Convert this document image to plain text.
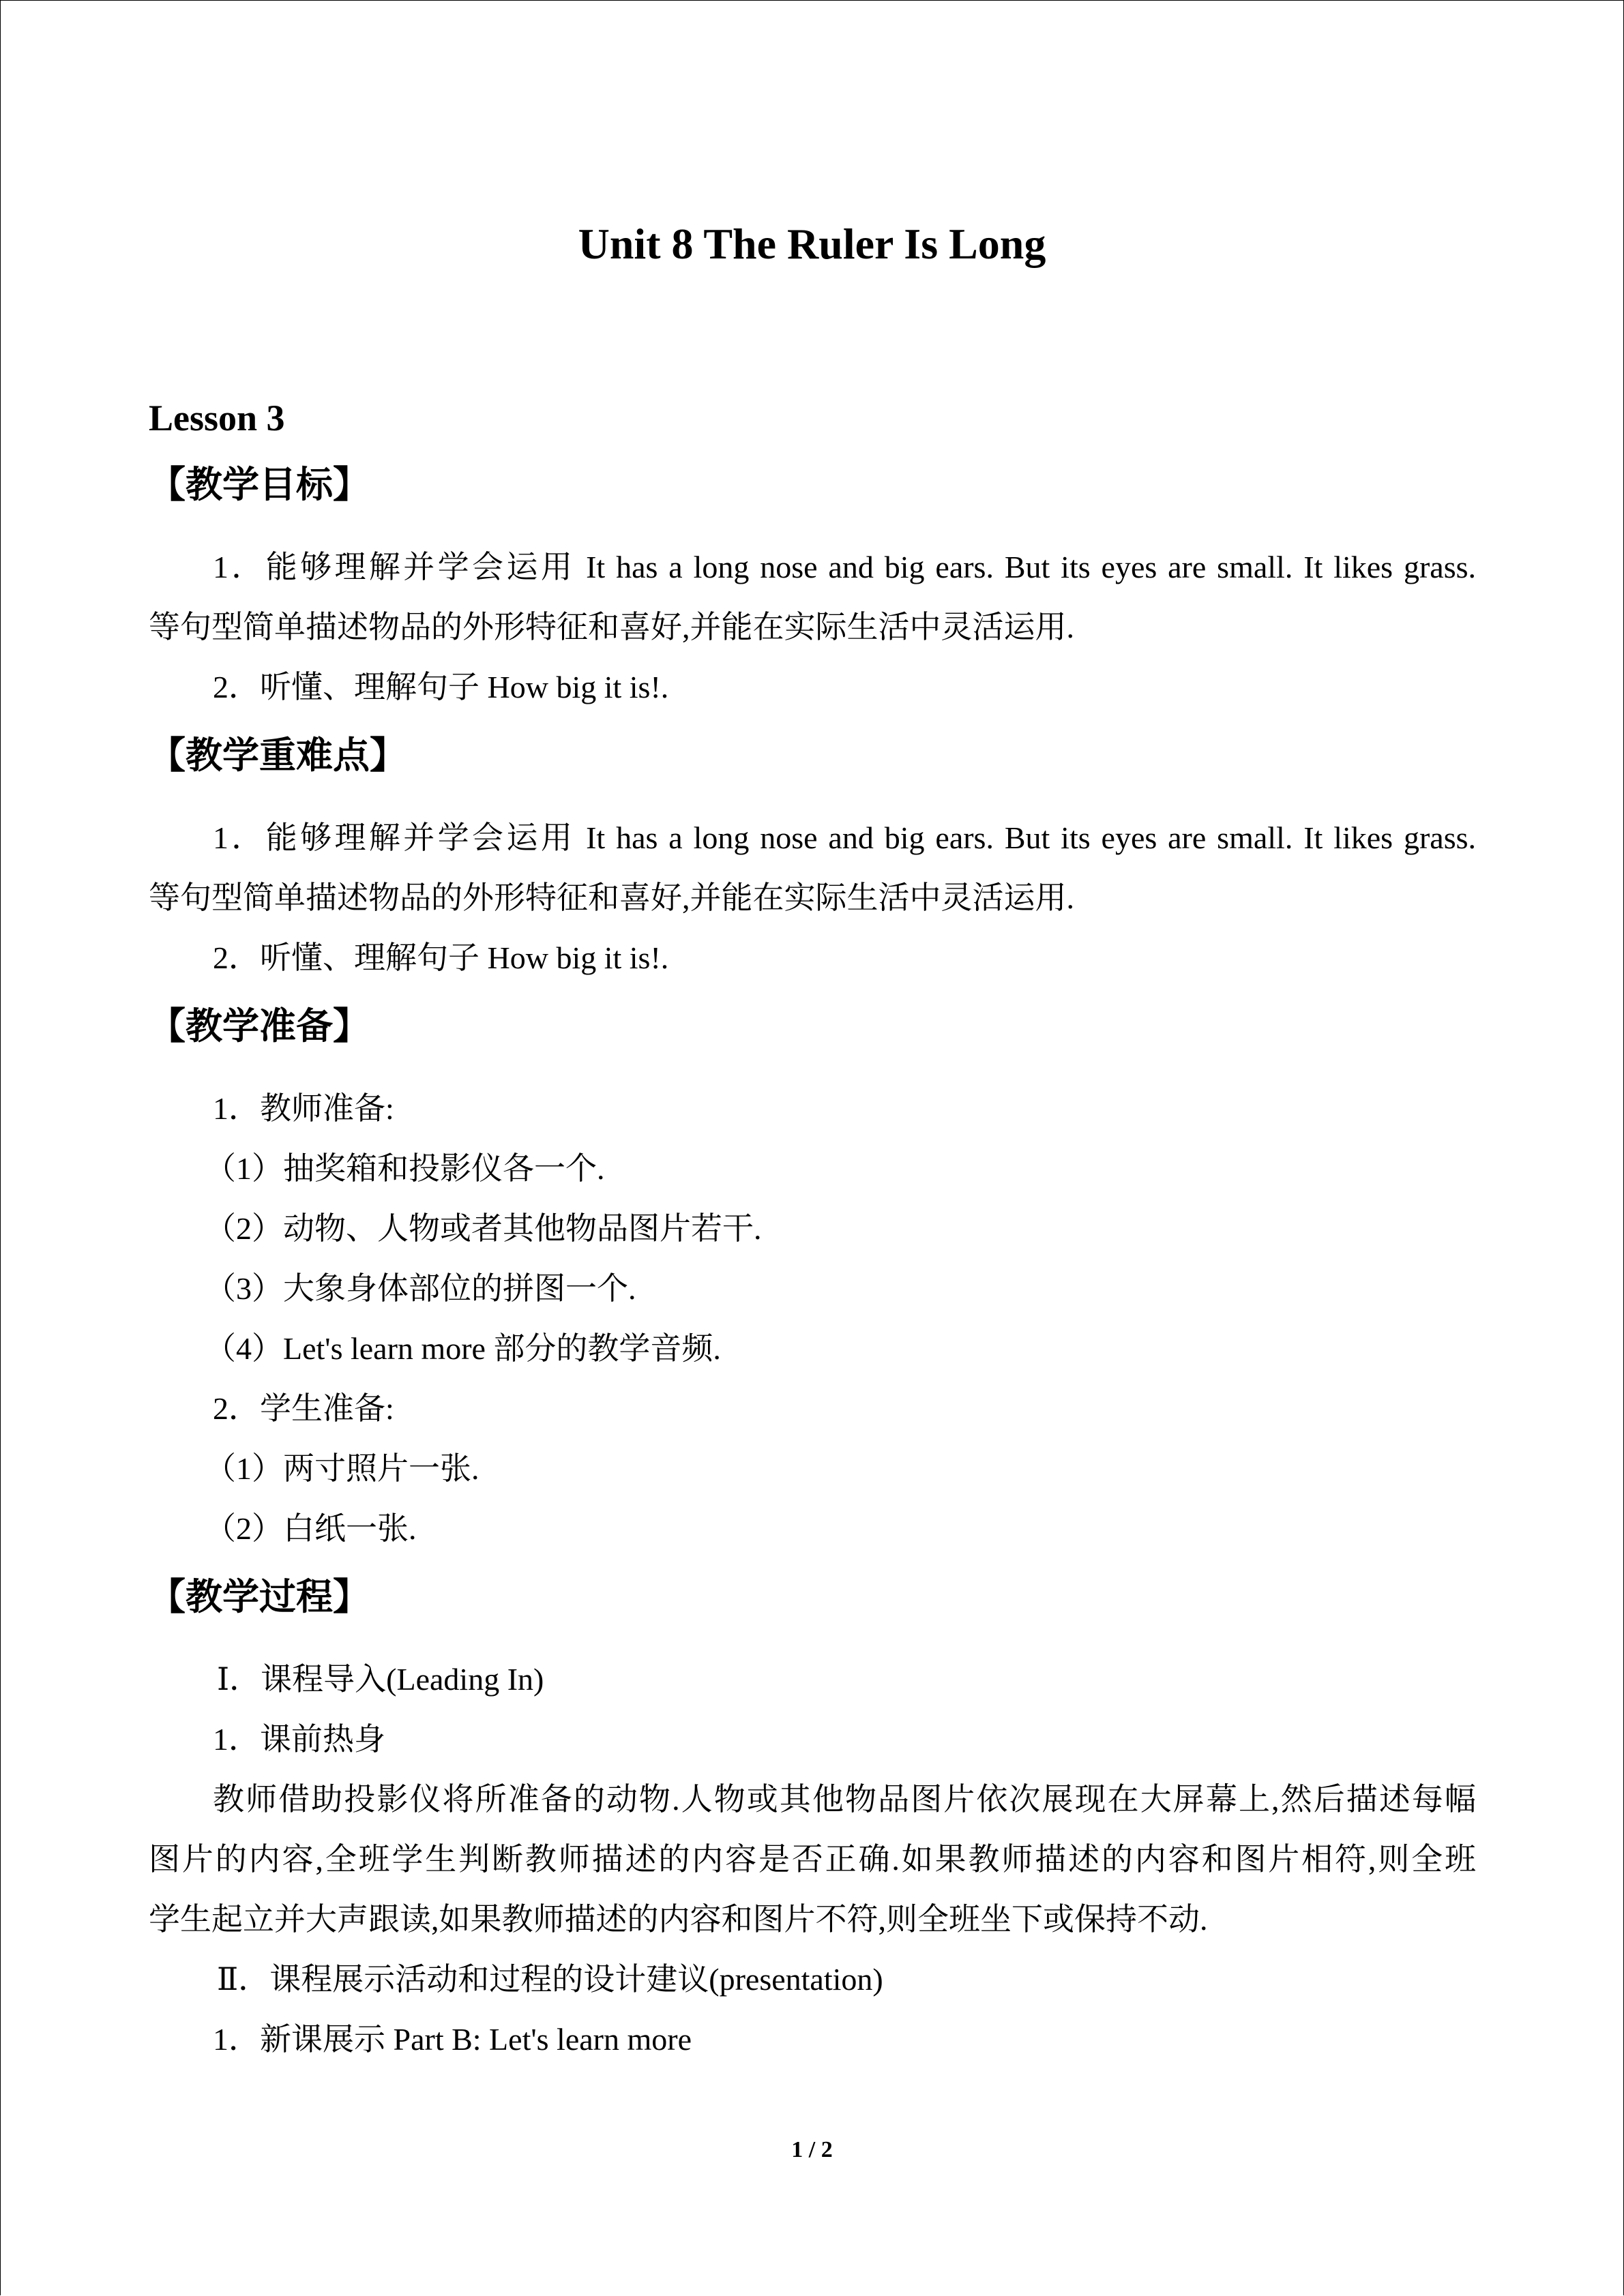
Unit 8 The Ruler Is Long
Lesson 3
【教学目标】
1．能够理解并学会运用 It has a long nose and big ears. But its eyes are small. It likes grass.
等句型简单描述物品的外形特征和喜好,并能在实际生活中灵活运用.
2．听懂、理解句子 How big it is!.
【教学重难点】
1．能够理解并学会运用 It has a long nose and big ears. But its eyes are small. It likes grass.
等句型简单描述物品的外形特征和喜好,并能在实际生活中灵活运用.
2．听懂、理解句子 How big it is!.
【教学准备】
1．教师准备:
（1）抽奖箱和投影仪各一个.
（2）动物、人物或者其他物品图片若干.
（3）大象身体部位的拼图一个.
（4）Let's learn more 部分的教学音频.
2．学生准备:
（1）两寸照片一张.
（2）白纸一张.
【教学过程】
Ⅰ．课程导入(Leading In)
1．课前热身
教师借助投影仪将所准备的动物.人物或其他物品图片依次展现在大屏幕上,然后描述每幅
图片的内容,全班学生判断教师描述的内容是否正确.如果教师描述的内容和图片相符,则全班
学生起立并大声跟读,如果教师描述的内容和图片不符,则全班坐下或保持不动.
Ⅱ．课程展示活动和过程的设计建议(presentation)
1．新课展示 Part B: Let's learn more
1 / 2
